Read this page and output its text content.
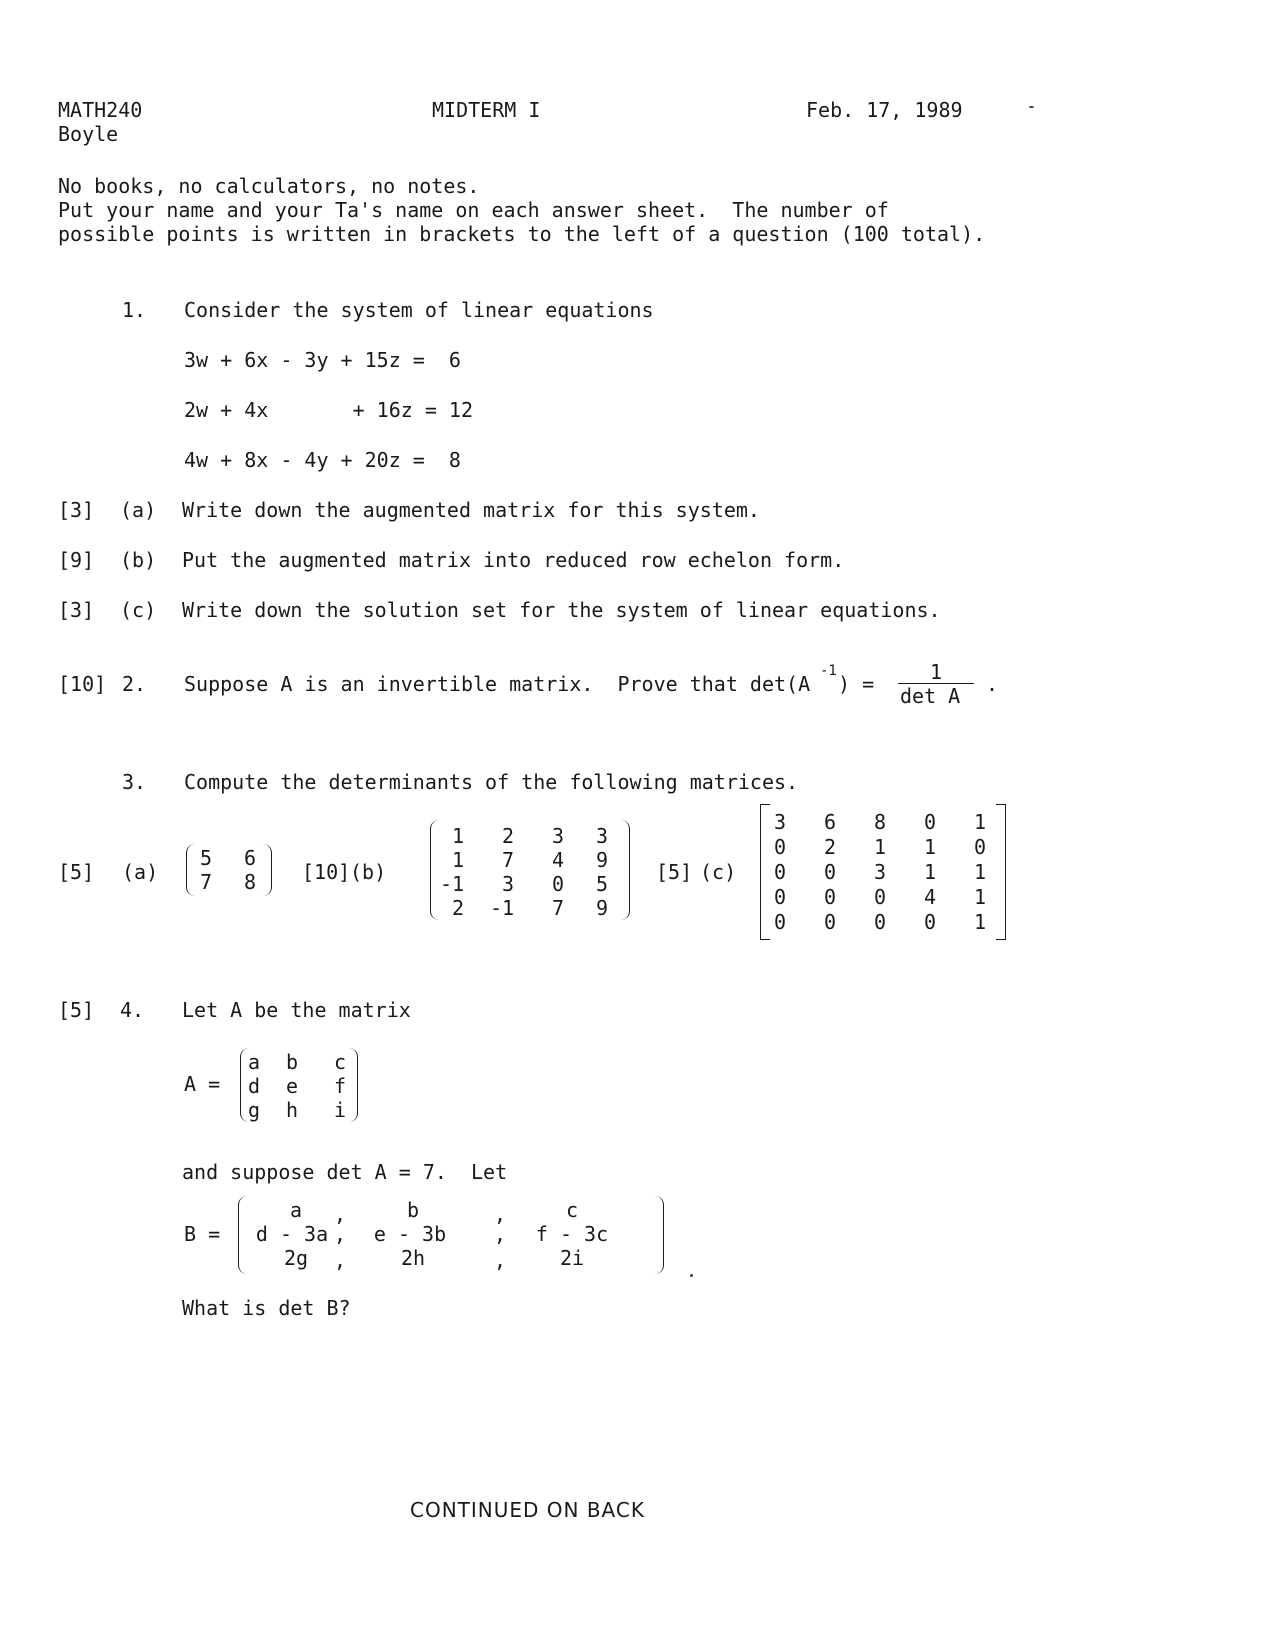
MATH240
Boyle
MIDTERM I	Feb. 17, 1989
No books, no calculators, no notes.
Put your name and your Ta's name on each answer sheet.  The number of
possible points is written in brackets to the left of a question (100 total).
1. Consider the system of linear equations
3w + 6x - 3y + 15z =  6
2w + 4x       + 16z = 12
4w + 8x - 4y + 20z =  8
[3] (a) Write down the augmented matrix for this system.
[9] (b) Put the augmented matrix into reduced row echelon form.
[3] (c) Write down the solution set for the system of linear equations.
[10] 2. Suppose A is an invertible matrix.  Prove that det(A
-1
) =	1
det A .
3. Compute the determinants of the following matrices.
[5] (a)
5	6
7	8	[10] (b)
1	2	3	3
1	7	4	9
-1	3	0	5
2	-1	7	9
[5] (c)
3	6	8	0	1
0	2	1	1	0
0	0	3	1	1
0	0	0	4	1
0	0	0	0	1
[5] 4. Let A be the matrix
A =
a	b	c
d	e	f
g	h	i
and suppose det A = 7.  Let
B =
a	,	b	,	c
d - 3a ,	e - 3b	,	f - 3c
2g	,	2h	,	2i
What is det B?
CONTINUED ON BACK
